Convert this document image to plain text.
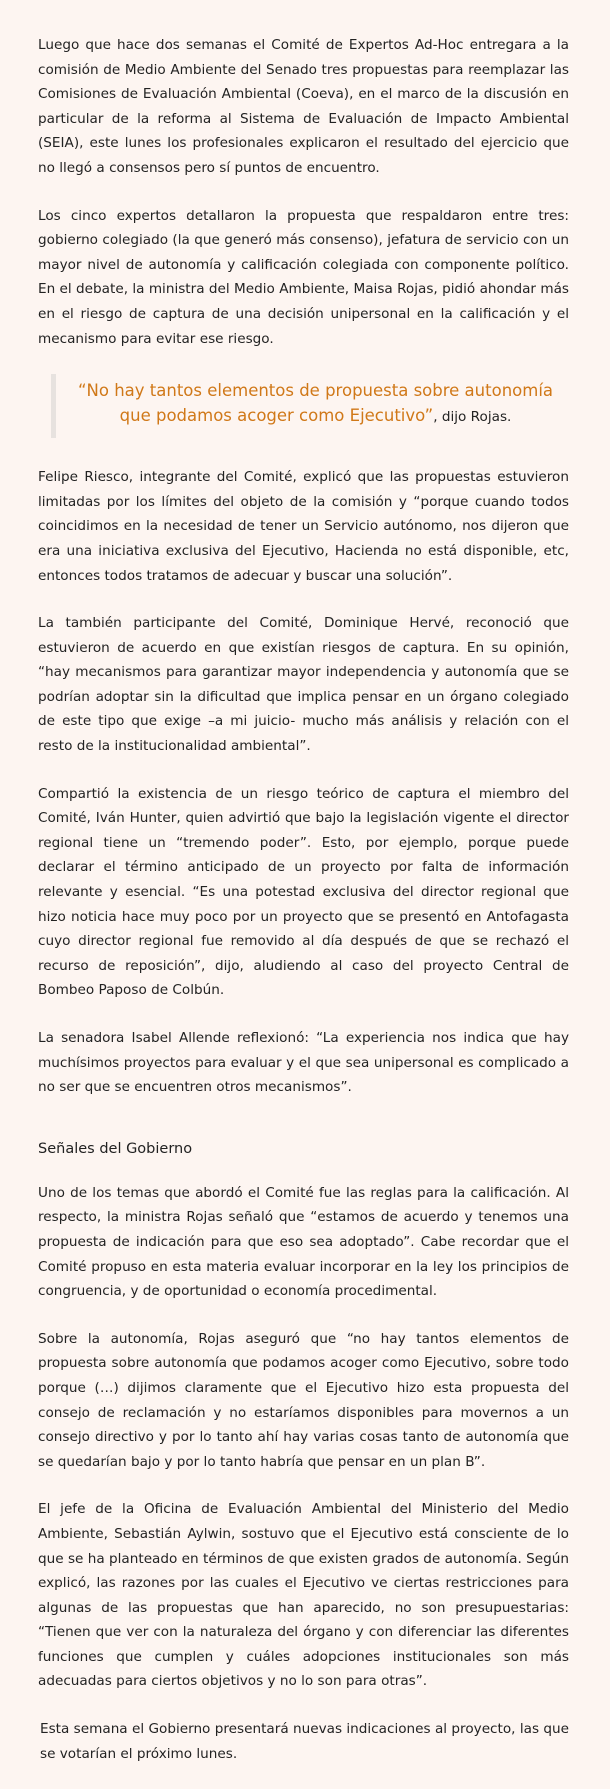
Luego que hace dos semanas el Comité de Expertos Ad-Hoc entregara a la comisión de Medio Ambiente del Senado tres propuestas para reemplazar las Comisiones de Evaluación Ambiental (Coeva), en el marco de la discusión en particular de la reforma al Sistema de Evaluación de Impacto Ambiental (SEIA), este lunes los profesionales explicaron el resultado del ejercicio que no llegó a consensos pero sí puntos de encuentro.

Los cinco expertos detallaron la propuesta que respaldaron entre tres: gobierno colegiado (la que generó más consenso), jefatura de servicio con un mayor nivel de autonomía y calificación colegiada con componente político. En el debate, la ministra del Medio Ambiente, Maisa Rojas, pidió ahondar más en el riesgo de captura de una decisión unipersonal en la calificación y el mecanismo para evitar ese riesgo.

“No hay tantos elementos de propuesta sobre autonomía que podamos acoger como Ejecutivo”, dijo Rojas.

Felipe Riesco, integrante del Comité, explicó que las propuestas estuvieron limitadas por los límites del objeto de la comisión y “porque cuando todos coincidimos en la necesidad de tener un Servicio autónomo, nos dijeron que era una iniciativa exclusiva del Ejecutivo, Hacienda no está disponible, etc, entonces todos tratamos de adecuar y buscar una solución”.

La también participante del Comité, Dominique Hervé, reconoció que estuvieron de acuerdo en que existían riesgos de captura. En su opinión, “hay mecanismos para garantizar mayor independencia y autonomía que se podrían adoptar sin la dificultad que implica pensar en un órgano colegiado de este tipo que exige –a mi juicio- mucho más análisis y relación con el resto de la institucionalidad ambiental”.

Compartió la existencia de un riesgo teórico de captura el miembro del Comité, Iván Hunter, quien advirtió que bajo la legislación vigente el director regional tiene un “tremendo poder”. Esto, por ejemplo, porque puede declarar el término anticipado de un proyecto por falta de información relevante y esencial. “Es una potestad exclusiva del director regional que hizo noticia hace muy poco por un proyecto que se presentó en Antofagasta cuyo director regional fue removido al día después de que se rechazó el recurso de reposición”, dijo, aludiendo al caso del proyecto Central de Bombeo Paposo de Colbún.

La senadora Isabel Allende reflexionó: “La experiencia nos indica que hay muchísimos proyectos para evaluar y el que sea unipersonal es complicado a no ser que se encuentren otros mecanismos”.

Señales del Gobierno

Uno de los temas que abordó el Comité fue las reglas para la calificación. Al respecto, la ministra Rojas señaló que “estamos de acuerdo y tenemos una propuesta de indicación para que eso sea adoptado”. Cabe recordar que el Comité propuso en esta materia evaluar incorporar en la ley los principios de congruencia, y de oportunidad o economía procedimental.

Sobre la autonomía, Rojas aseguró que “no hay tantos elementos de propuesta sobre autonomía que podamos acoger como Ejecutivo, sobre todo porque (…) dijimos claramente que el Ejecutivo hizo esta propuesta del consejo de reclamación y no estaríamos disponibles para movernos a un consejo directivo y por lo tanto ahí hay varias cosas tanto de autonomía que se quedarían bajo y por lo tanto habría que pensar en un plan B”.

El jefe de la Oficina de Evaluación Ambiental del Ministerio del Medio Ambiente, Sebastián Aylwin, sostuvo que el Ejecutivo está consciente de lo que se ha planteado en términos de que existen grados de autonomía. Según explicó, las razones por las cuales el Ejecutivo ve ciertas restricciones para algunas de las propuestas que han aparecido, no son presupuestarias: “Tienen que ver con la naturaleza del órgano y con diferenciar las diferentes funciones que cumplen y cuáles adopciones institucionales son más adecuadas para ciertos objetivos y no lo son para otras”.

Esta semana el Gobierno presentará nuevas indicaciones al proyecto, las que se votarían el próximo lunes.
